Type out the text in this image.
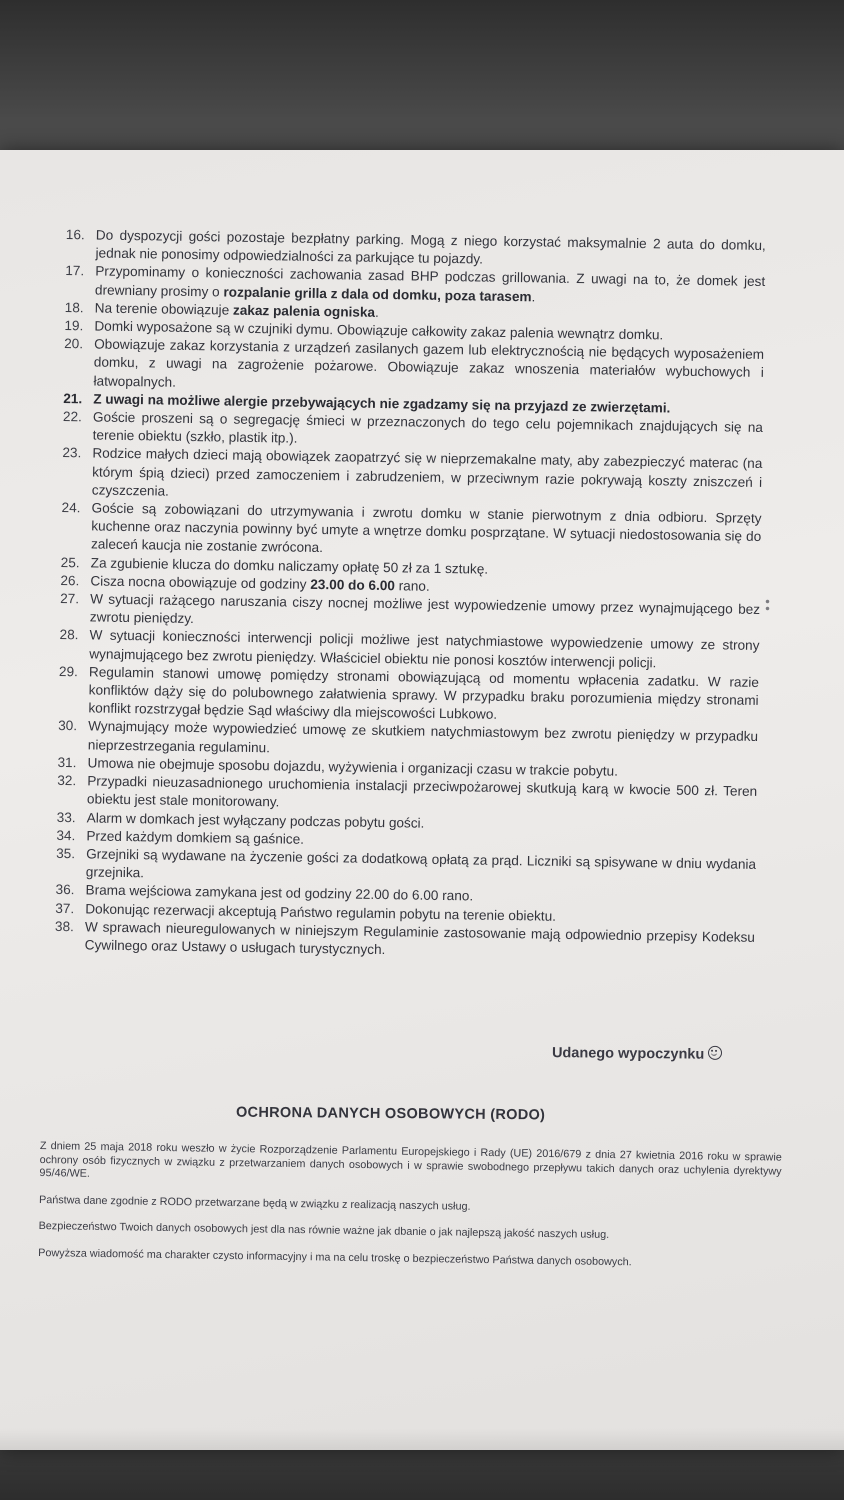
16. Do dyspozycji gości pozostaje bezpłatny parking. Mogą z niego korzystać maksymalnie 2 auta do domku, jednak nie ponosimy odpowiedzialności za parkujące tu pojazdy.
17. Przypominamy o konieczności zachowania zasad BHP podczas grillowania. Z uwagi na to, że domek jest drewniany prosimy o rozpalanie grilla z dala od domku, poza tarasem.
18. Na terenie obowiązuje zakaz palenia ogniska.
19. Domki wyposażone są w czujniki dymu. Obowiązuje całkowity zakaz palenia wewnątrz domku.
20. Obowiązuje zakaz korzystania z urządzeń zasilanych gazem lub elektrycznością nie będących wyposażeniem domku, z uwagi na zagrożenie pożarowe. Obowiązuje zakaz wnoszenia materiałów wybuchowych i łatwopalnych.
21. Z uwagi na możliwe alergie przebywających nie zgadzamy się na przyjazd ze zwierzętami.
22. Goście proszeni są o segregację śmieci w przeznaczonych do tego celu pojemnikach znajdujących się na terenie obiektu (szkło, plastik itp.).
23. Rodzice małych dzieci mają obowiązek zaopatrzyć się w nieprzemakalne maty, aby zabezpieczyć materac (na którym śpią dzieci) przed zamoczeniem i zabrudzeniem, w przeciwnym razie pokrywają koszty zniszczeń i czyszczenia.
24. Goście są zobowiązani do utrzymywania i zwrotu domku w stanie pierwotnym z dnia odbioru. Sprzęty kuchenne oraz naczynia powinny być umyte a wnętrze domku posprzątane. W sytuacji niedostosowania się do zaleceń kaucja nie zostanie zwrócona.
25. Za zgubienie klucza do domku naliczamy opłatę 50 zł za 1 sztukę.
26. Cisza nocna obowiązuje od godziny 23.00 do 6.00 rano.
27. W sytuacji rażącego naruszania ciszy nocnej możliwe jest wypowiedzenie umowy przez wynajmującego bez zwrotu pieniędzy.
28. W sytuacji konieczności interwencji policji możliwe jest natychmiastowe wypowiedzenie umowy ze strony wynajmującego bez zwrotu pieniędzy. Właściciel obiektu nie ponosi kosztów interwencji policji.
29. Regulamin stanowi umowę pomiędzy stronami obowiązującą od momentu wpłacenia zadatku. W razie konfliktów dąży się do polubownego załatwienia sprawy. W przypadku braku porozumienia między stronami konflikt rozstrzygał będzie Sąd właściwy dla miejscowości Lubkowo.
30. Wynajmujący może wypowiedzieć umowę ze skutkiem natychmiastowym bez zwrotu pieniędzy w przypadku nieprzestrzegania regulaminu.
31. Umowa nie obejmuje sposobu dojazdu, wyżywienia i organizacji czasu w trakcie pobytu.
32. Przypadki nieuzasadnionego uruchomienia instalacji przeciwpożarowej skutkują karą w kwocie 500 zł. Teren obiektu jest stale monitorowany.
33. Alarm w domkach jest wyłączany podczas pobytu gości.
34. Przed każdym domkiem są gaśnice.
35. Grzejniki są wydawane na życzenie gości za dodatkową opłatą za prąd. Liczniki są spisywane w dniu wydania grzejnika.
36. Brama wejściowa zamykana jest od godziny 22.00 do 6.00 rano.
37. Dokonując rezerwacji akceptują Państwo regulamin pobytu na terenie obiektu.
38. W sprawach nieuregulowanych w niniejszym Regulaminie zastosowanie mają odpowiednio przepisy Kodeksu Cywilnego oraz Ustawy o usługach turystycznych.
Udanego wypoczynku
OCHRONA DANYCH OSOBOWYCH (RODO)

Z dniem 25 maja 2018 roku weszło w życie Rozporządzenie Parlamentu Europejskiego i Rady (UE) 2016/679 z dnia 27 kwietnia 2016 roku w sprawie ochrony osób fizycznych w związku z przetwarzaniem danych osobowych i w sprawie swobodnego przepływu takich danych oraz uchylenia dyrektywy 95/46/WE.

Państwa dane zgodnie z RODO przetwarzane będą w związku z realizacją naszych usług.

Bezpieczeństwo Twoich danych osobowych jest dla nas równie ważne jak dbanie o jak najlepszą jakość naszych usług.

Powyższa wiadomość ma charakter czysto informacyjny i ma na celu troskę o bezpieczeństwo Państwa danych osobowych.
